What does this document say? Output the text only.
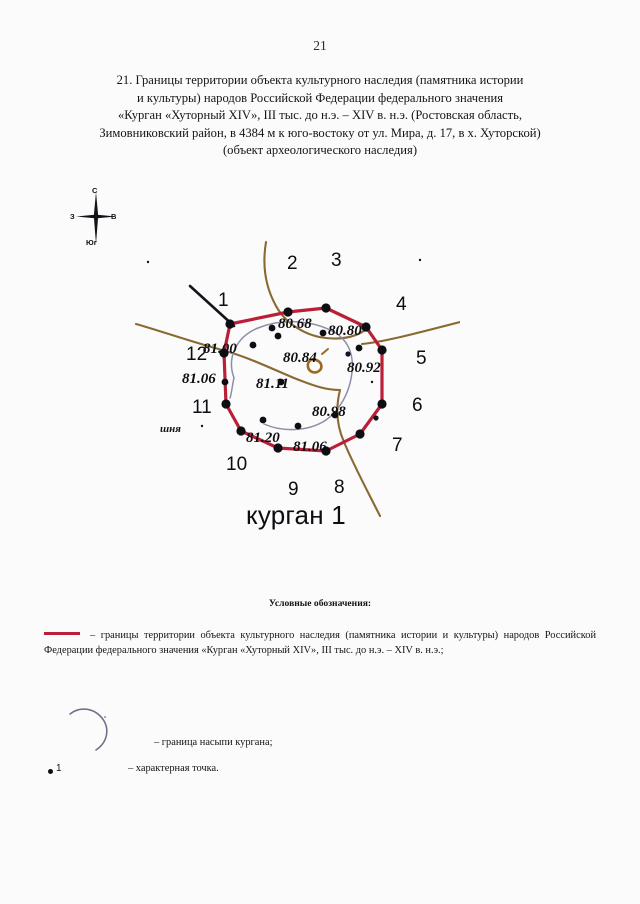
21
21. Границы территории объекта культурного наследия (памятника истории
и культуры) народов Российской Федерации федерального значения
«Курган «Хуторный XIV», III тыс. до н.э. – XIV в. н.э. (Ростовская область,
Зимовниковский район, в 4384 м к юго-востоку от ул. Мира, д. 17, в х. Хуторской)
(объект археологического наследия)
С
З	В
Юг
1
2 3
4
5
6
7
8
9
10
11
12
80.68 80.80
80.84
80.92
81.00
81.11
81.06
80.98
81.20
81.06
шня
курган 1
Условные обозначения:
– границы территории объекта культурного наследия (памятника истории и культуры) народов Российской Федерации федерального значения «Курган «Хуторный XIV», III тыс. до н.э. – XIV в. н.э.;
– граница насыпи кургана;
1	– характерная точка.
